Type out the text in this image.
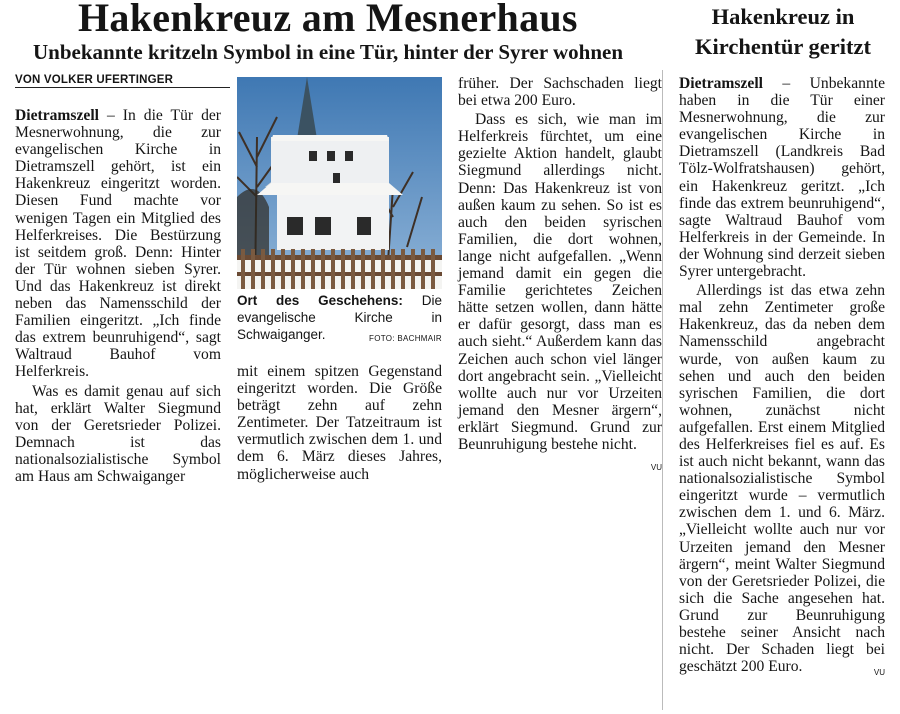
Hakenkreuz am Mesnerhaus
Unbekannte kritzeln Symbol in eine Tür, hinter der Syrer wohnen
Hakenkreuz in Kirchentür geritzt
VON VOLKER UFERTINGER

Dietramszell – In die Tür der Mesnerwohnung, die zur evangelischen Kirche in Dietramszell gehört, ist ein Hakenkreuz eingeritzt worden. Diesen Fund machte vor wenigen Tagen ein Mitglied des Helferkreises. Die Bestürzung ist seitdem groß. Denn: Hinter der Tür wohnen sieben Syrer. Und das Hakenkreuz ist direkt neben das Namensschild der Familien eingeritzt. „Ich finde das extrem beunruhigend“, sagt Waltraud Bauhof vom Helferkreis.

Was es damit genau auf sich hat, erklärt Walter Siegmund von der Geretsrieder Polizei. Demnach ist das nationalsozialistische Symbol am Haus am Schwaiganger

Ort des Geschehens: Die evangelische Kirche in Schwaiganger.	FOTO: BACHMAIR

mit einem spitzen Gegenstand eingeritzt worden. Die Größe beträgt zehn auf zehn Zentimeter. Der Tatzeitraum ist vermutlich zwischen dem 1. und dem 6. März dieses Jahres, möglicherweise auch

früher. Der Sachschaden liegt bei etwa 200 Euro.

Dass es sich, wie man im Helferkreis fürchtet, um eine gezielte Aktion handelt, glaubt Siegmund allerdings nicht. Denn: Das Hakenkreuz ist von außen kaum zu sehen. So ist es auch den beiden syrischen Familien, die dort wohnen, lange nicht aufgefallen. „Wenn jemand damit ein gegen die Familie gerichtetes Zeichen hätte setzen wollen, dann hätte er dafür gesorgt, dass man es auch sieht.“ Außerdem kann das Zeichen auch schon viel länger dort angebracht sein. „Vielleicht wollte auch nur vor Urzeiten jemand den Mesner ärgern“, erklärt Siegmund. Grund zur Beunruhigung bestehe nicht.
VU

Dietramszell – Unbekannte haben in die Tür einer Mesnerwohnung, die zur evangelischen Kirche in Dietramszell (Landkreis Bad Tölz-Wolfratshausen) gehört, ein Hakenkreuz geritzt. „Ich finde das extrem beunruhigend“, sagte Waltraud Bauhof vom Helferkreis in der Gemeinde. In der Wohnung sind derzeit sieben Syrer untergebracht.

Allerdings ist das etwa zehn mal zehn Zentimeter große Hakenkreuz, das da neben dem Namensschild angebracht wurde, von außen kaum zu sehen und auch den beiden syrischen Familien, die dort wohnen, zunächst nicht aufgefallen. Erst einem Mitglied des Helferkreises fiel es auf. Es ist auch nicht bekannt, wann das nationalsozialistische Symbol eingeritzt wurde – vermutlich zwischen dem 1. und 6. März. „Vielleicht wollte auch nur vor Urzeiten jemand den Mesner ärgern“, meint Walter Siegmund von der Geretsrieder Polizei, die sich die Sache angesehen hat. Grund zur Beunruhigung bestehe seiner Ansicht nach nicht. Der Schaden liegt bei geschätzt 200 Euro.	VU
